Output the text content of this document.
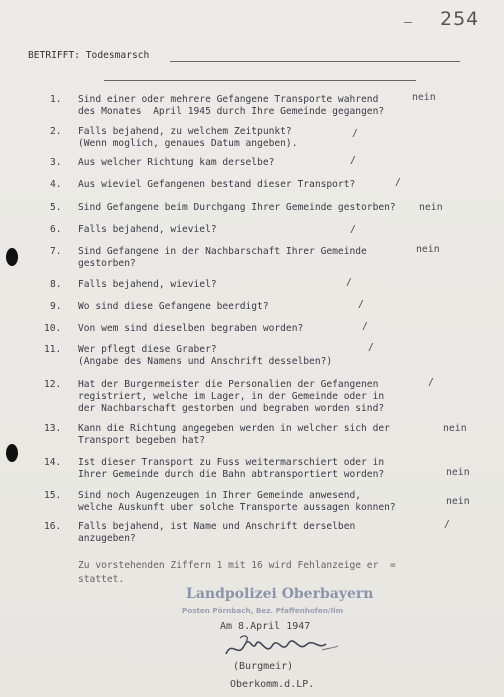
254
BETRIFFT: Todesmarsch
1. Sind einer oder mehrere Gefangene Transporte wahrend
des Monates  April 1945 durch Ihre Gemeinde gegangen?
nein
2. Falls bejahend, zu welchem Zeitpunkt?
(Wenn moglich, genaues Datum angeben).
/
3. Aus welcher Richtung kam derselbe?	/
4. Aus wieviel Gefangenen bestand dieser Transport?	/
5. Sind Gefangene beim Durchgang Ihrer Gemeinde gestorben? nein
6. Falls bejahend, wieviel?	/
7. Sind Gefangene in der Nachbarschaft Ihrer Gemeinde
gestorben?
nein
8. Falls bejahend, wieviel?	/
9. Wo sind diese Gefangene beerdigt?	/
10. Von wem sind dieselben begraben worden?	/
11. Wer pflegt diese Graber?
(Angabe des Namens und Anschrift desselben?)
/
12. Hat der Burgermeister die Personalien der Gefangenen
registriert, welche im Lager, in der Gemeinde oder in
der Nachbarschaft gestorben und begraben worden sind?
/
13. Kann die Richtung angegeben werden in welcher sich der
Transport begeben hat?
nein
14. Ist dieser Transport zu Fuss weitermarschiert oder in
Ihrer Gemeinde durch die Bahn abtransportiert worden?	nein
15. Sind noch Augenzeugen in Ihrer Gemeinde anwesend,
welche Auskunft uber solche Transporte aussagen konnen?
nein
16. Falls bejahend, ist Name und Anschrift derselben
anzugeben?
/
Zu vorstehenden Ziffern 1 mit 16 wird Fehlanzeige er  =
stattet.
Landpolizei Oberbayern
Posten Pörnbach, Bez. Pfaffenhofen/Ilm
Am 8.April 1947
(Burgmeir)
Oberkomm.d.LP.
